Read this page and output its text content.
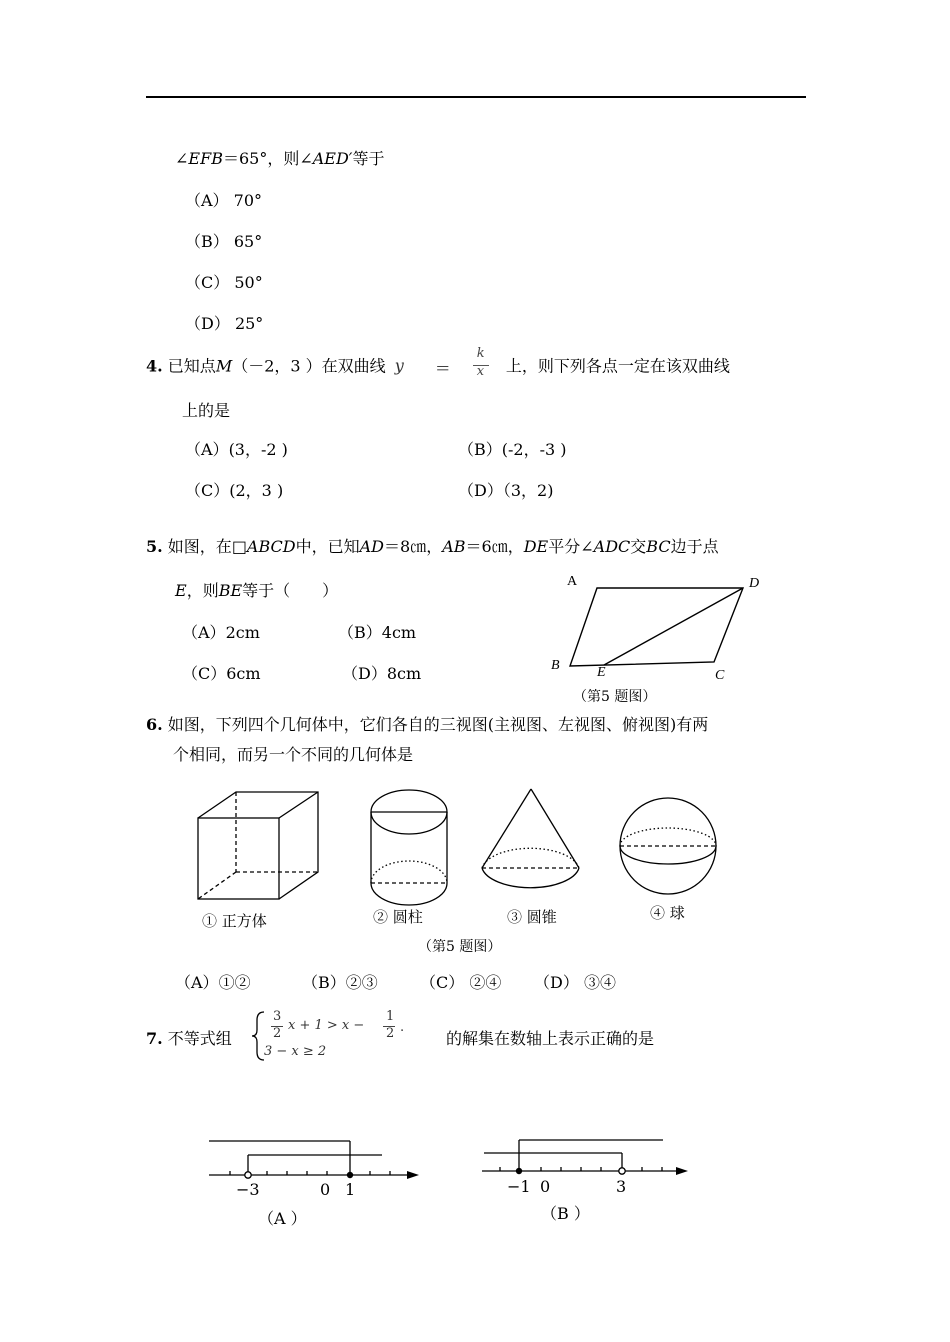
∠EFB＝65°，则∠AED′等于
（A） 70°
（B） 65°
（C） 50°
（D） 25°
4. 已知点M（－2，3 ）在双曲线 y ＝
k
x 上，则下列各点一定在该双曲线
上的是
（A）(3，-2 )	（B）(-2，-3 )
（C）(2，3 )	（D）（3，2)
5. 如图，在□ABCD中，已知AD＝8㎝，AB＝6㎝，DE平分∠ADC交BC边于点
E，则BE等于（　　）
（A）2cm	（B）4cm
（C）6cm	（D）8cm
A	D
B	E	C
（第5 题图）
6. 如图，下列四个几何体中，它们各自的三视图(主视图、左视图、俯视图)有两
个相同，而另一个不同的几何体是
① 正方体	② 圆柱	③ 圆锥	④ 球
（第5 题图）
（A）①②	（B）②③	（C） ②④ （D） ③④
7. 不等式组
3
2
x + 1 > x −
1
2 .
3 − x ≥ 2
的解集在数轴上表示正确的是
−3	0 1
（A ）
−1 0	3
（B ）
